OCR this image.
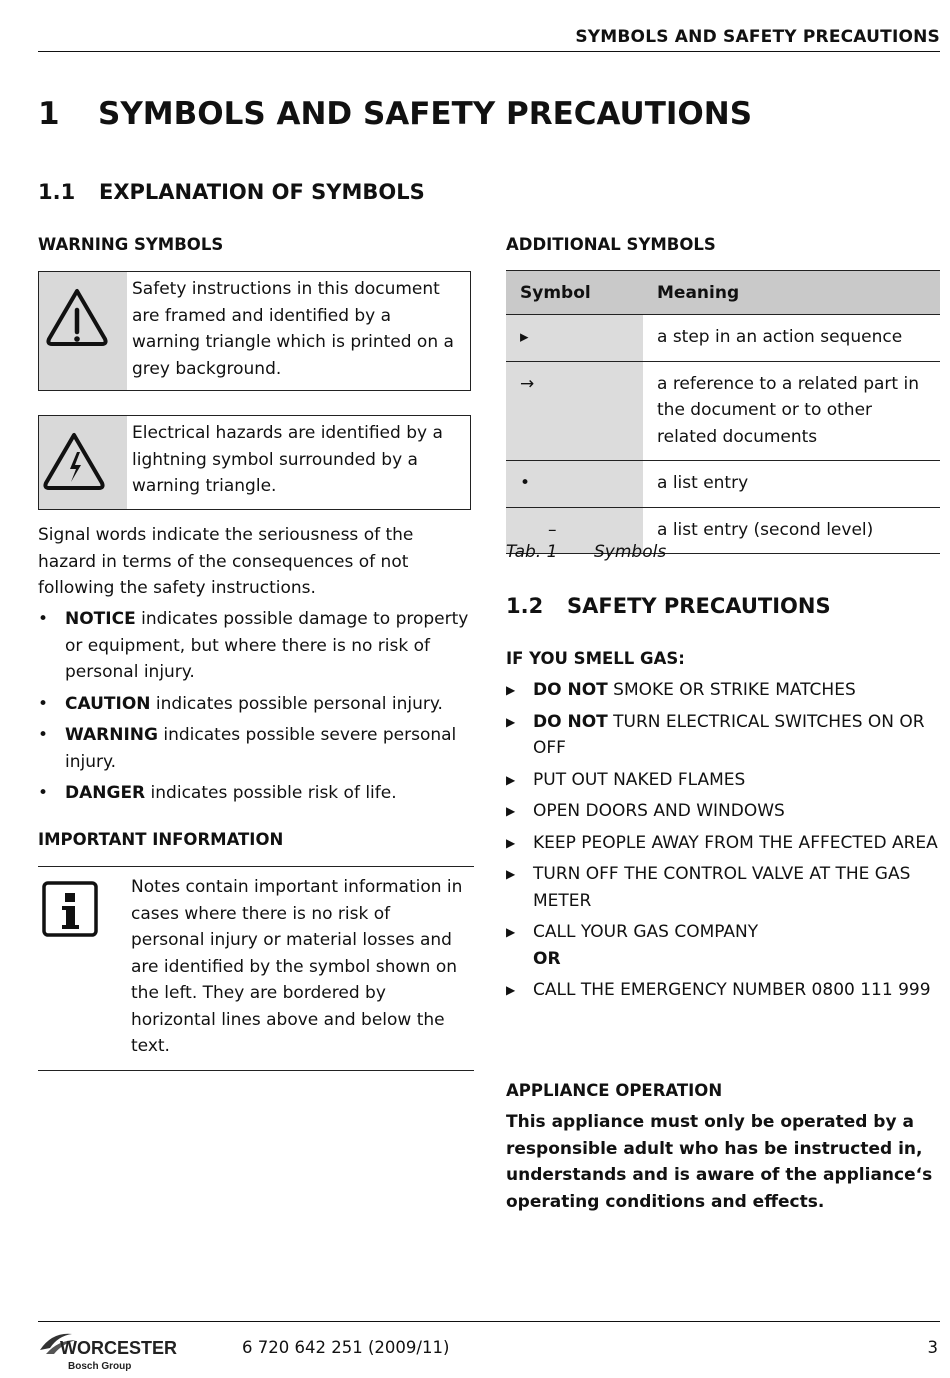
SYMBOLS AND SAFETY PRECAUTIONS
1	SYMBOLS AND SAFETY PRECAUTIONS
1.1	EXPLANATION OF SYMBOLS
WARNING SYMBOLS
Safety instructions in this document are framed and identified by a warning triangle which is printed on a grey background.
Electrical hazards are identified by a lightning symbol surrounded by a warning triangle.
Signal words indicate the seriousness of the hazard in terms of the consequences of not following the safety instructions.
• NOTICE indicates possible damage to property or equipment, but where there is no risk of personal injury.
• CAUTION indicates possible personal injury.
• WARNING indicates possible severe personal injury.
• DANGER indicates possible risk of life.
IMPORTANT INFORMATION
Notes contain important information in cases where there is no risk of personal injury or material losses and are identified by the symbol shown on the left. They are bordered by horizontal lines above and below the text.
ADDITIONAL SYMBOLS
Symbol	Meaning
▸	a step in an action sequence
→	a reference to a related part in the document or to other related documents
•	a list entry
–	a list entry (second level)
Tab. 1 Symbols
1.2	SAFETY PRECAUTIONS
IF YOU SMELL GAS:
▶ DO NOT SMOKE OR STRIKE MATCHES
▶ DO NOT TURN ELECTRICAL SWITCHES ON OR OFF
▶ PUT OUT NAKED FLAMES
▶ OPEN DOORS AND WINDOWS
▶ KEEP PEOPLE AWAY FROM THE AFFECTED AREA
▶ TURN OFF THE CONTROL VALVE AT THE GAS METER
▶ CALL YOUR GAS COMPANY
OR
▶ CALL THE EMERGENCY NUMBER 0800 111 999
APPLIANCE OPERATION
This appliance must only be operated by a responsible adult who has be instructed in, understands and is aware of the appliance‘s operating conditions and effects.
WORCESTER
Bosch Group
6 720 642 251 (2009/11)	3
